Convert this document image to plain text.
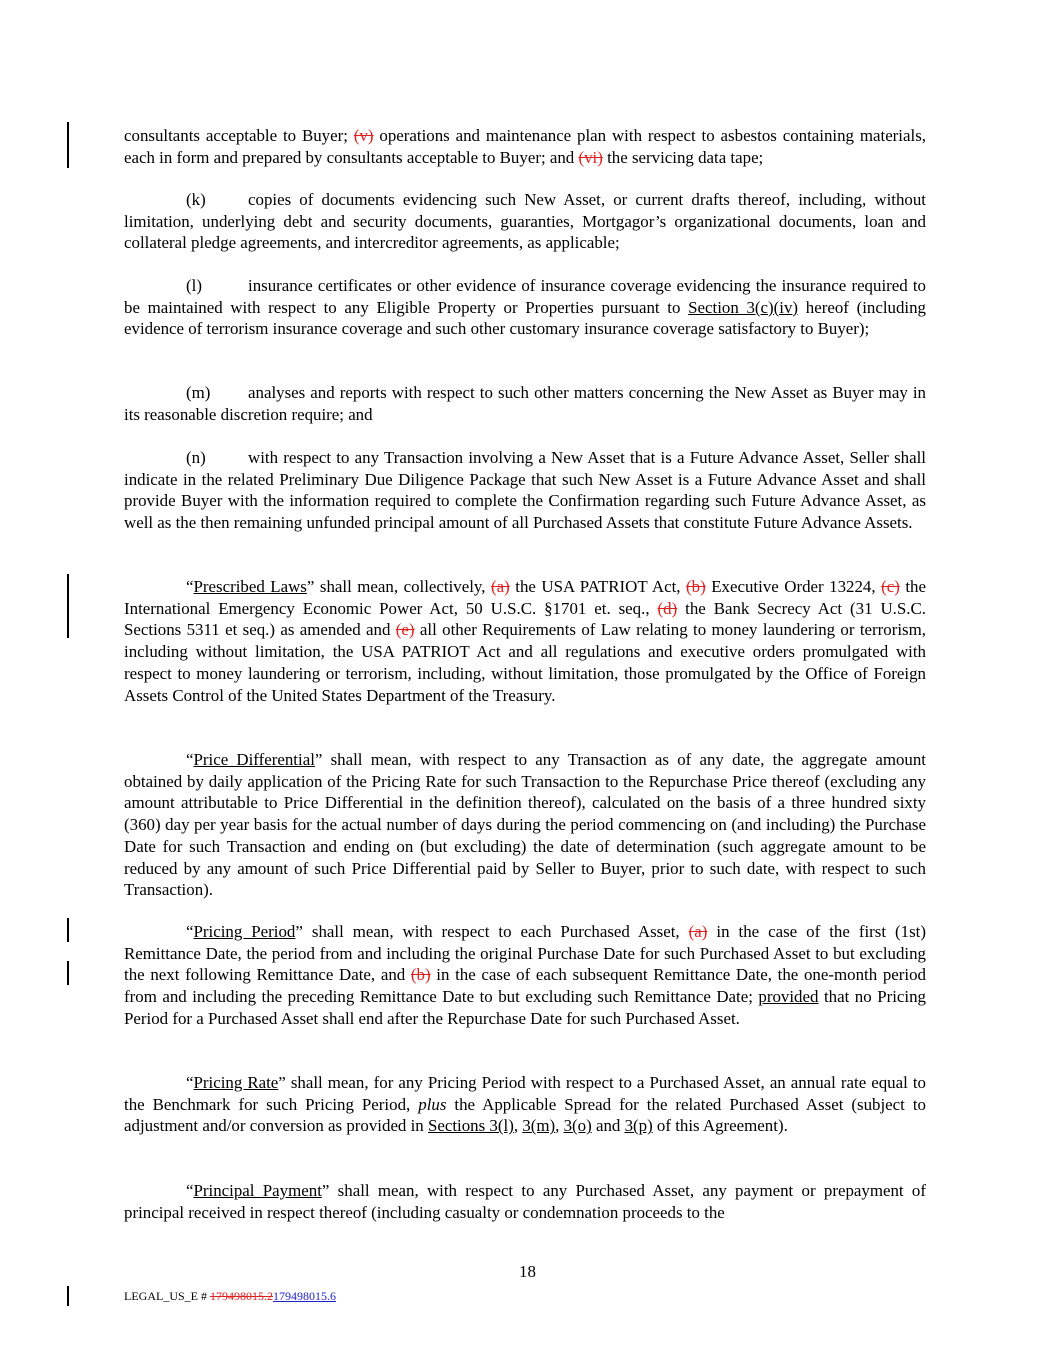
consultants acceptable to Buyer; (v) operations and maintenance plan with respect to asbestos containing materials, each in form and prepared by consultants acceptable to Buyer; and (vi) the servicing data tape;
(k)	copies of documents evidencing such New Asset, or current drafts thereof, including, without limitation, underlying debt and security documents, guaranties, Mortgagor’s organizational documents, loan and collateral pledge agreements, and intercreditor agreements, as applicable;
(l)	insurance certificates or other evidence of insurance coverage evidencing the insurance required to be maintained with respect to any Eligible Property or Properties pursuant to Section 3(c)(iv) hereof (including evidence of terrorism insurance coverage and such other customary insurance coverage satisfactory to Buyer);
(m) analyses and reports with respect to such other matters concerning the New Asset as Buyer may in its reasonable discretion require; and
(n)	with respect to any Transaction involving a New Asset that is a Future Advance Asset, Seller shall indicate in the related Preliminary Due Diligence Package that such New Asset is a Future Advance Asset and shall provide Buyer with the information required to complete the Confirmation regarding such Future Advance Asset, as well as the then remaining unfunded principal amount of all Purchased Assets that constitute Future Advance Assets.
“Prescribed Laws” shall mean, collectively, (a) the USA PATRIOT Act, (b) Executive Order 13224, (c) the International Emergency Economic Power Act, 50 U.S.C. §1701 et. seq., (d) the Bank Secrecy Act (31 U.S.C. Sections 5311 et seq.) as amended and (e) all other Requirements of Law relating to money laundering or terrorism, including without limitation, the USA PATRIOT Act and all regulations and executive orders promulgated with respect to money laundering or terrorism, including, without limitation, those promulgated by the Office of Foreign Assets Control of the United States Department of the Treasury.
“Price Differential” shall mean, with respect to any Transaction as of any date, the aggregate amount obtained by daily application of the Pricing Rate for such Transaction to the Repurchase Price thereof (excluding any amount attributable to Price Differential in the definition thereof), calculated on the basis of a three hundred sixty (360) day per year basis for the actual number of days during the period commencing on (and including) the Purchase Date for such Transaction and ending on (but excluding) the date of determination (such aggregate amount to be reduced by any amount of such Price Differential paid by Seller to Buyer, prior to such date, with respect to such Transaction).
“Pricing Period” shall mean, with respect to each Purchased Asset, (a) in the case of the first (1st) Remittance Date, the period from and including the original Purchase Date for such Purchased Asset to but excluding the next following Remittance Date, and (b) in the case of each subsequent Remittance Date, the one-month period from and including the preceding Remittance Date to but excluding such Remittance Date; provided that no Pricing Period for a Purchased Asset shall end after the Repurchase Date for such Purchased Asset.
“Pricing Rate” shall mean, for any Pricing Period with respect to a Purchased Asset, an annual rate equal to the Benchmark for such Pricing Period, plus the Applicable Spread for the related Purchased Asset (subject to adjustment and/or conversion as provided in Sections 3(l), 3(m), 3(o) and 3(p) of this Agreement).
“Principal Payment” shall mean, with respect to any Purchased Asset, any payment or prepayment of principal received in respect thereof (including casualty or condemnation proceeds to the
18
LEGAL_US_E # 179498015.2179498015.6
